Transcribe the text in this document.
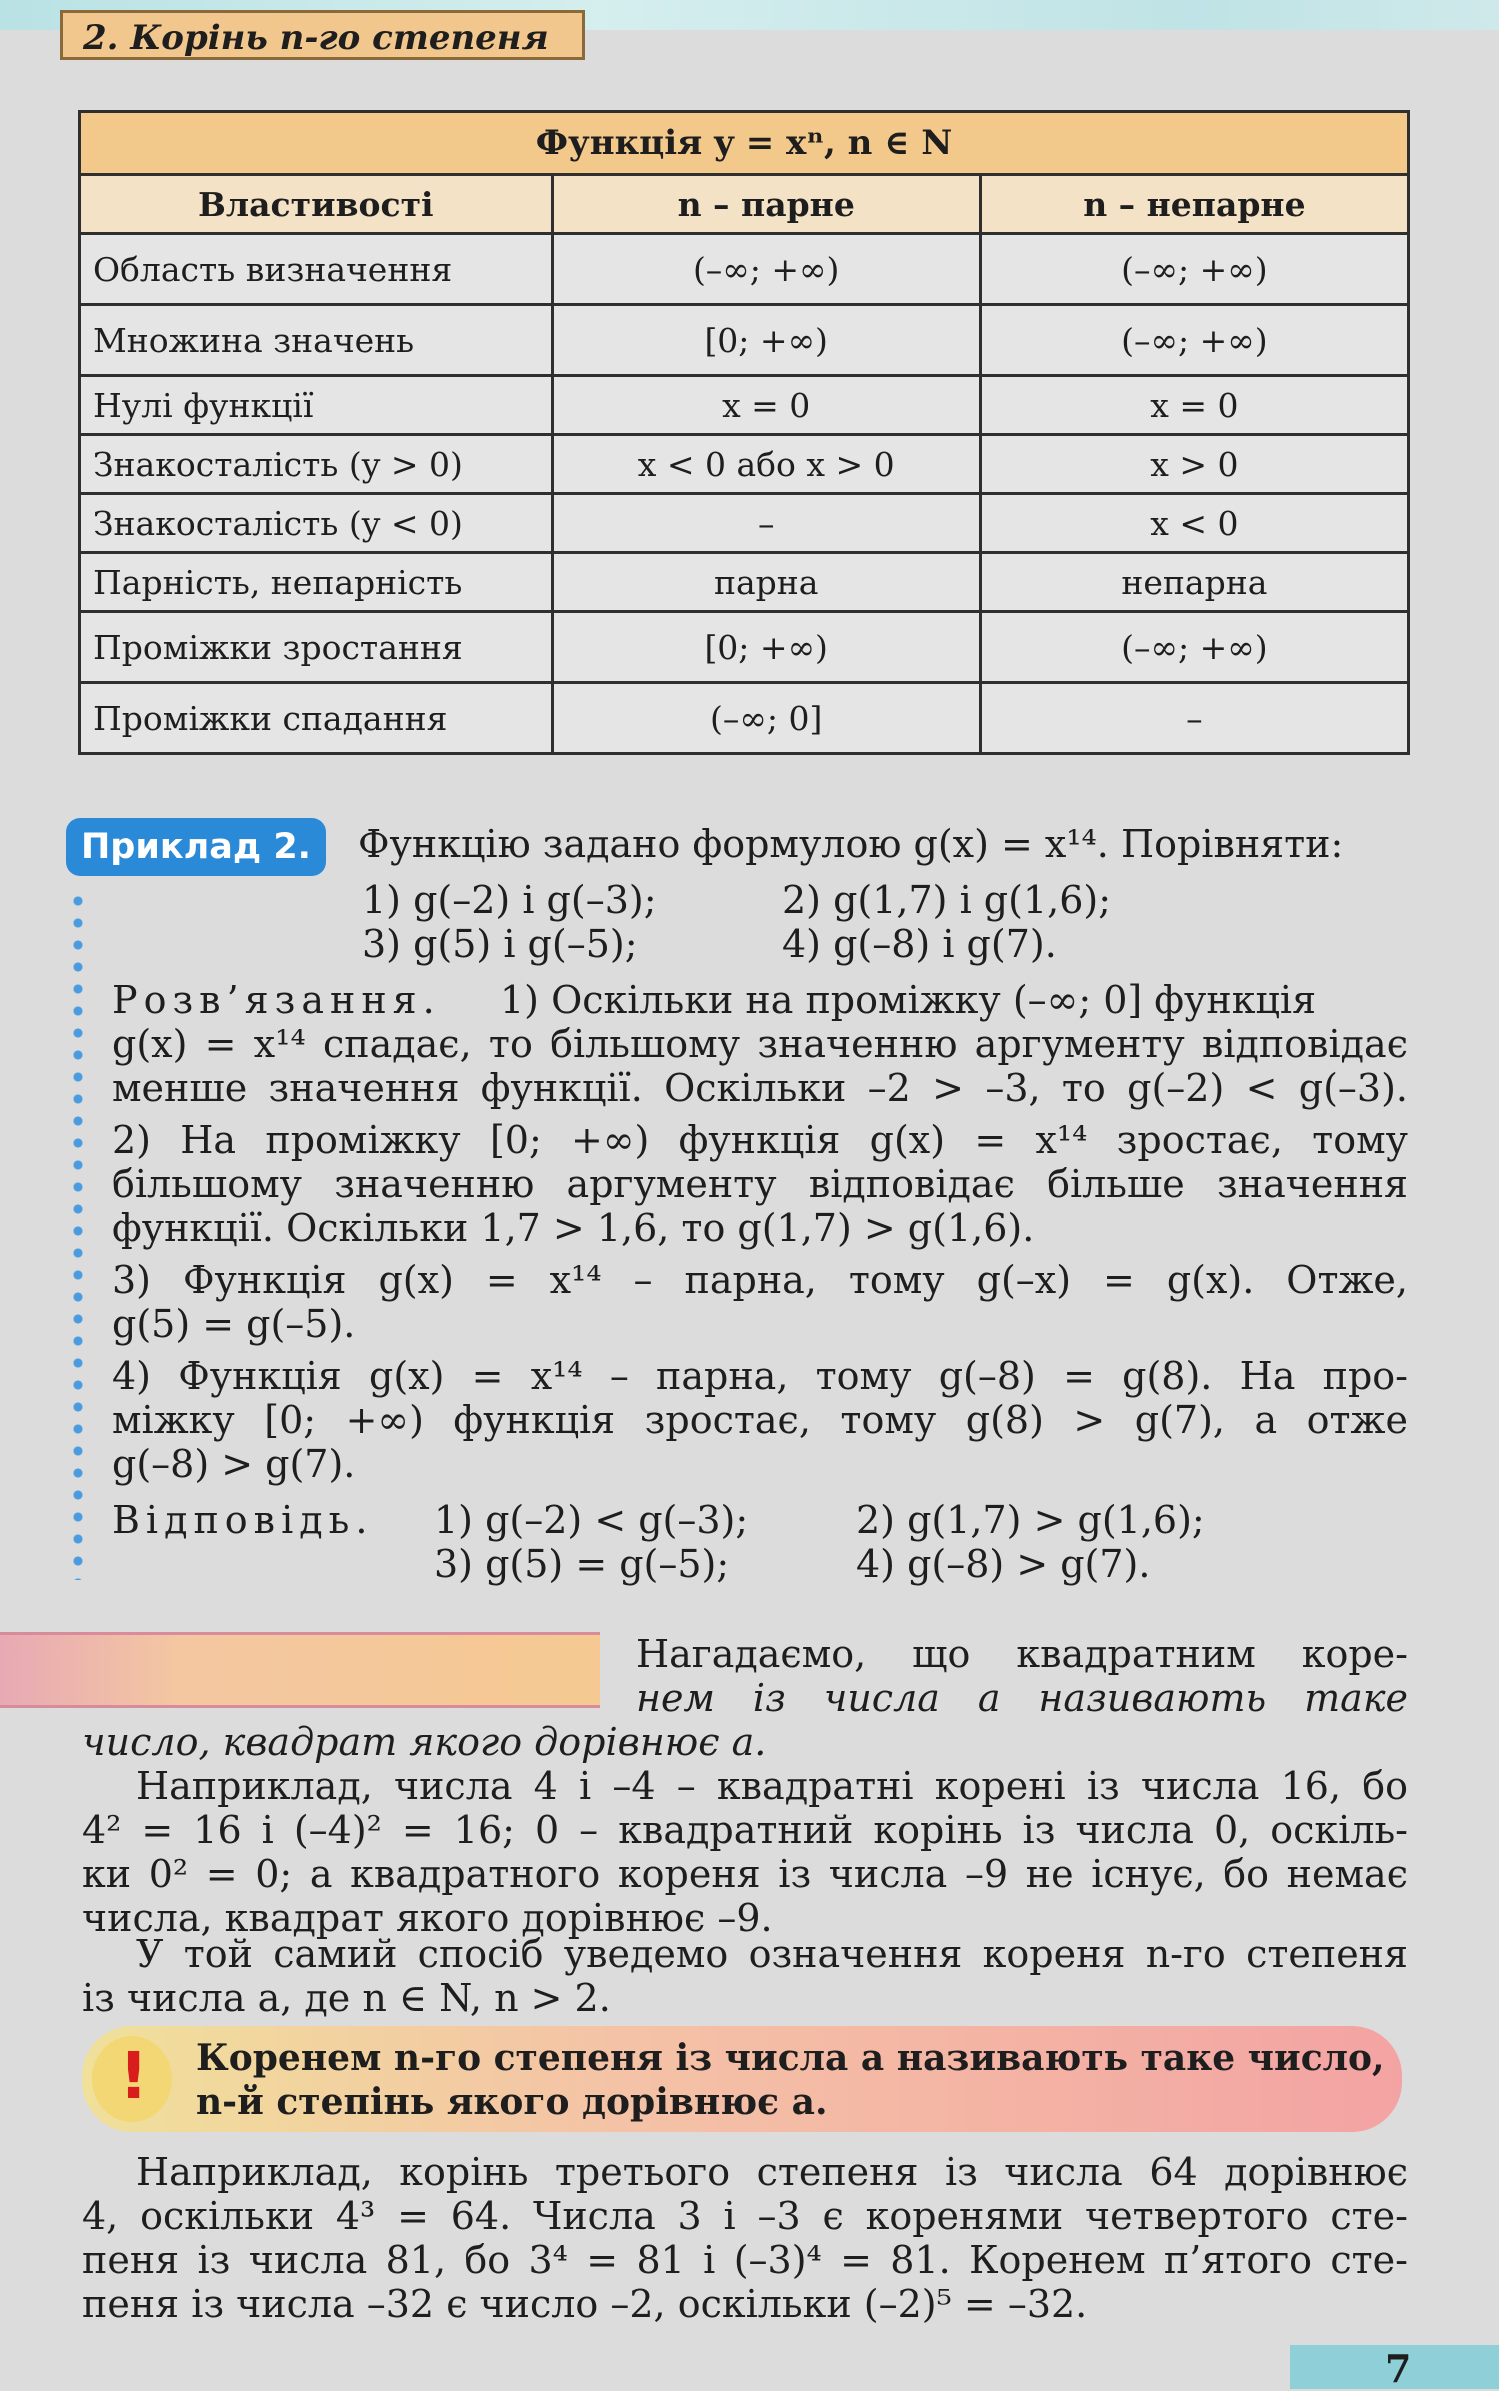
Функція y = xⁿ, n ∈ N		
Властивості	n – парне	n – непарне
Область визначення	(–∞; +∞)	(–∞; +∞)
Множина значень	[0; +∞)	(–∞; +∞)
Нулі функції	x = 0	x = 0
Знакосталість (y > 0)	x < 0 або x > 0	x > 0
Знакосталість (y < 0)	–	x < 0
Парність, непарність	парна	непарна
Проміжки зростання	[0; +∞)	(–∞; +∞)
Проміжки спадання	(–∞; 0]	–
Приклад 2.	Функцію задано формулою g(x) = x¹⁴. Порівняти:
1) g(–2) і g(–3);	2) g(1,7) і g(1,6);
3) g(5) і g(–5);	4) g(–8) і g(7).
Розв’язання. 1) Оскільки на проміжку (–∞; 0] функція
g(x) = x¹⁴ спадає, то більшому значенню аргументу відповідає
менше значення функції. Оскільки –2 > –3, то g(–2) < g(–3).
2) На проміжку [0; +∞) функція g(x) = x¹⁴ зростає, тому
більшому значенню аргументу відповідає більше значення
функції. Оскільки 1,7 > 1,6, то g(1,7) > g(1,6).
3) Функція g(x) = x¹⁴ – парна, тому g(–x) = g(x). Отже,
g(5) = g(–5).
4) Функція g(x) = x¹⁴ – парна, тому g(–8) = g(8). На про-
міжку [0; +∞) функція зростає, тому g(8) > g(7), а отже
g(–8) > g(7).
Відповідь. 1) g(–2) < g(–3);	2) g(1,7) > g(1,6);
3) g(5) = g(–5);	4) g(–8) > g(7).
2. Корінь n-го степеня
Нагадаємо, що квадратним коре-
нем із числа a називають таке
число, квадрат якого дорівнює a.
Наприклад, числа 4 і –4 – квадратні корені із числа 16, бо
4² = 16 і (–4)² = 16; 0 – квадратний корінь із числа 0, оскіль-
ки 0² = 0; а квадратного кореня із числа –9 не існує, бо немає
числа, квадрат якого дорівнює –9.
У той самий спосіб уведемо означення кореня n-го степеня
із числа a, де n ∈ N, n > 2.
! Коренем n-го степеня із числа a називають таке число,
n-й степінь якого дорівнює a.
Наприклад, корінь третього степеня із числа 64 дорівнює
4, оскільки 4³ = 64. Числа 3 і –3 є коренями четвертого сте-
пеня із числа 81, бо 3⁴ = 81 і (–3)⁴ = 81. Коренем п’ятого сте-
пеня із числа –32 є число –2, оскільки (–2)⁵ = –32.
7
